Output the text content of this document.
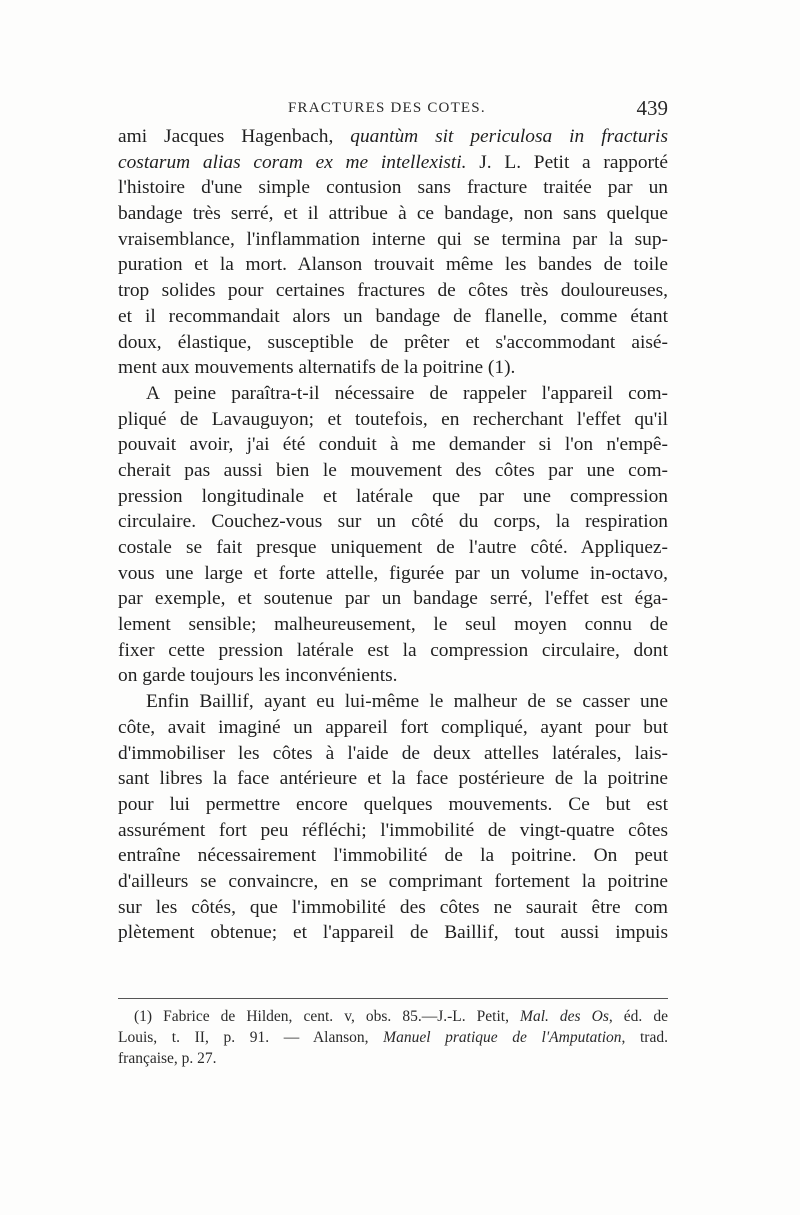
FRACTURES DES COTES.	439
ami Jacques Hagenbach, quantùm sit periculosa in fracturis
costarum alias coram ex me intellexisti. J. L. Petit a rapporté
l'histoire d'une simple contusion sans fracture traitée par un
bandage très serré, et il attribue à ce bandage, non sans quelque
vraisemblance, l'inflammation interne qui se termina par la sup-
puration et la mort. Alanson trouvait même les bandes de toile
trop solides pour certaines fractures de côtes très douloureuses,
et il recommandait alors un bandage de flanelle, comme étant
doux, élastique, susceptible de prêter et s'accommodant aisé-
ment aux mouvements alternatifs de la poitrine (1).
A peine paraîtra-t-il nécessaire de rappeler l'appareil com-
pliqué de Lavauguyon; et toutefois, en recherchant l'effet qu'il
pouvait avoir, j'ai été conduit à me demander si l'on n'empê-
cherait pas aussi bien le mouvement des côtes par une com-
pression longitudinale et latérale que par une compression
circulaire. Couchez-vous sur un côté du corps, la respiration
costale se fait presque uniquement de l'autre côté. Appliquez-
vous une large et forte attelle, figurée par un volume in-octavo,
par exemple, et soutenue par un bandage serré, l'effet est éga-
lement sensible; malheureusement, le seul moyen connu de
fixer cette pression latérale est la compression circulaire, dont
on garde toujours les inconvénients.
Enfin Baillif, ayant eu lui-même le malheur de se casser une
côte, avait imaginé un appareil fort compliqué, ayant pour but
d'immobiliser les côtes à l'aide de deux attelles latérales, lais-
sant libres la face antérieure et la face postérieure de la poitrine
pour lui permettre encore quelques mouvements. Ce but est
assurément fort peu réfléchi; l'immobilité de vingt-quatre côtes
entraîne nécessairement l'immobilité de la poitrine. On peut
d'ailleurs se convaincre, en se comprimant fortement la poitrine
sur les côtés, que l'immobilité des côtes ne saurait être com
plètement obtenue; et l'appareil de Baillif, tout aussi impuis
(1) Fabrice de Hilden, cent. v, obs. 85.—J.-L. Petit, Mal. des Os, éd. de
Louis, t. II, p. 91. — Alanson, Manuel pratique de l'Amputation, trad.
française, p. 27.
